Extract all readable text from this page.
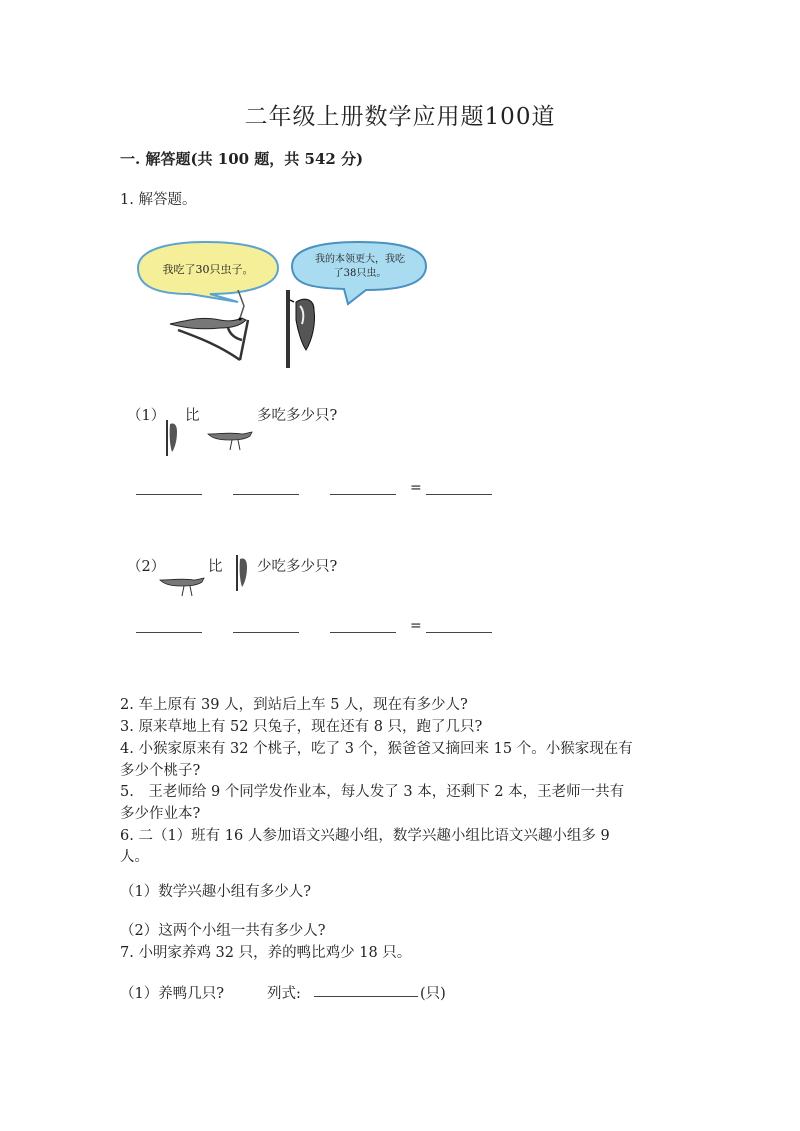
二年级上册数学应用题100道
一. 解答题(共 100 题，共 542 分)
1. 解答题。
我吃了30只虫子。
我的本领更大，我吃
了38只虫。
（1） 比	多吃多少只?
=
（2）	比 少吃多少只?
=
2. 车上原有 39 人，到站后上车 5 人，现在有多少人?
3. 原来草地上有 52 只兔子，现在还有 8 只，跑了几只?
4. 小猴家原来有 32 个桃子，吃了 3 个，猴爸爸又摘回来 15 个。小猴家现在有
多少个桃子?
5.　王老师给 9 个同学发作业本，每人发了 3 本，还剩下 2 本，王老师一共有
多少作业本?
6. 二（1）班有 16 人参加语文兴趣小组，数学兴趣小组比语文兴趣小组多 9
人。
（1）数学兴趣小组有多少人?
（2）这两个小组一共有多少人?
7. 小明家养鸡 32 只，养的鸭比鸡少 18 只。
（1）养鸭几只?	列式:	(只)
